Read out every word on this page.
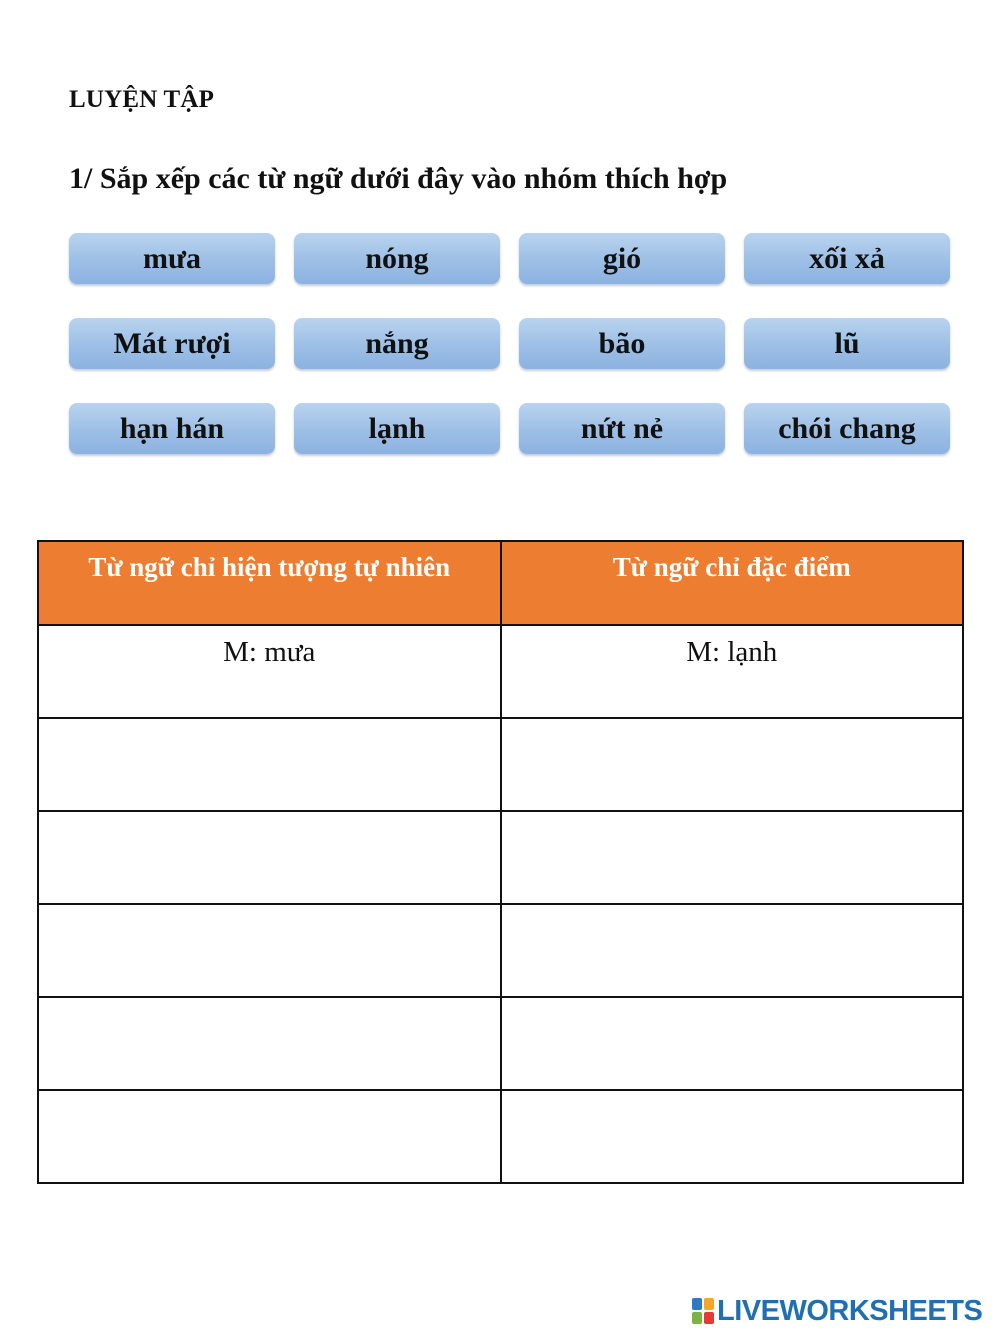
LUYỆN TẬP
1/ Sắp xếp các từ ngữ dưới đây vào nhóm thích hợp
mưa	nóng	gió	xối xả
Mát rượi	nắng	bão	lũ
hạn hán	lạnh	nứt nẻ	chói chang
Từ ngữ chỉ hiện tượng tự nhiên	Từ ngữ chỉ đặc điểm
M: mưa	M: lạnh

LIVEWORKSHEETS
